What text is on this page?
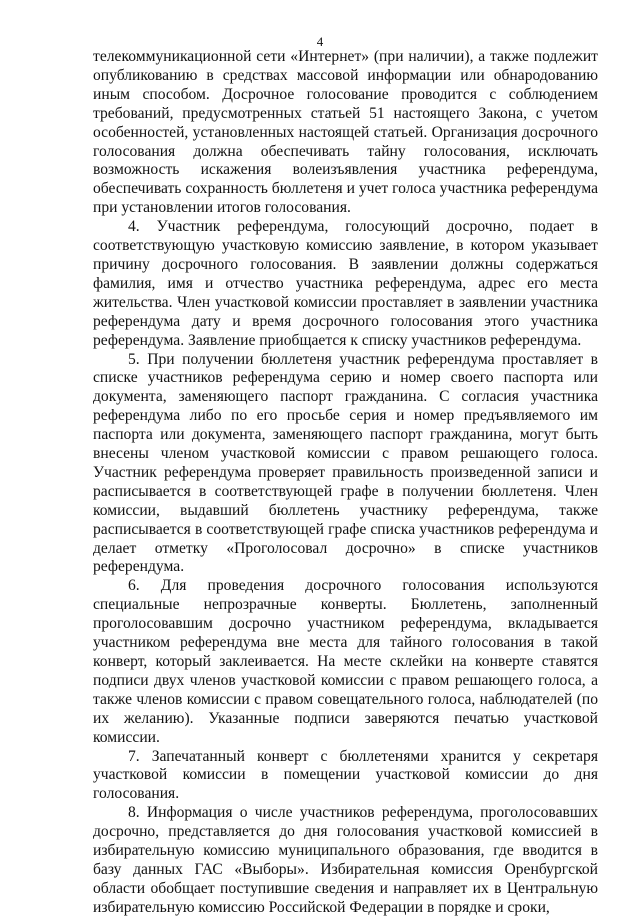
4

телекоммуникационной сети «Интернет» (при наличии), а также подлежит опубликованию в средствах массовой информации или обнародованию иным способом. Досрочное голосование проводится с соблюдением требований, предусмотренных статьей 51 настоящего Закона, с учетом особенностей, установленных настоящей статьей. Организация досрочного голосования должна обеспечивать тайну голосования, исключать возможность искажения волеизъявления участника референдума, обеспечивать сохранность бюллетеня и учет голоса участника референдума при установлении итогов голосования.

4. Участник референдума, голосующий досрочно, подает в соответствующую участковую комиссию заявление, в котором указывает причину досрочного голосования. В заявлении должны содержаться фамилия, имя и отчество участника референдума, адрес его места жительства. Член участковой комиссии проставляет в заявлении участника референдума дату и время досрочного голосования этого участника референдума. Заявление приобщается к списку участников референдума.

5. При получении бюллетеня участник референдума проставляет в списке участников референдума серию и номер своего паспорта или документа, заменяющего паспорт гражданина. С согласия участника референдума либо по его просьбе серия и номер предъявляемого им паспорта или документа, заменяющего паспорт гражданина, могут быть внесены членом участковой комиссии с правом решающего голоса. Участник референдума проверяет правильность произведенной записи и расписывается в соответствующей графе в получении бюллетеня. Член комиссии, выдавший бюллетень участнику референдума, также расписывается в соответствующей графе списка участников референдума и делает отметку «Проголосовал досрочно» в списке участников референдума.

6. Для проведения досрочного голосования используются специальные непрозрачные конверты. Бюллетень, заполненный проголосовавшим досрочно участником референдума, вкладывается участником референдума вне места для тайного голосования в такой конверт, который заклеивается. На месте склейки на конверте ставятся подписи двух членов участковой комиссии с правом решающего голоса, а также членов комиссии с правом совещательного голоса, наблюдателей (по их желанию). Указанные подписи заверяются печатью участковой комиссии.

7. Запечатанный конверт с бюллетенями хранится у секретаря участковой комиссии в помещении участковой комиссии до дня голосования.

8. Информация о числе участников референдума, проголосовавших досрочно, представляется до дня голосования участковой комиссией в избирательную комиссию муниципального образования, где вводится в базу данных ГАС «Выборы». Избирательная комиссия Оренбургской области обобщает поступившие сведения и направляет их в Центральную избирательную комиссию Российской Федерации в порядке и сроки,
